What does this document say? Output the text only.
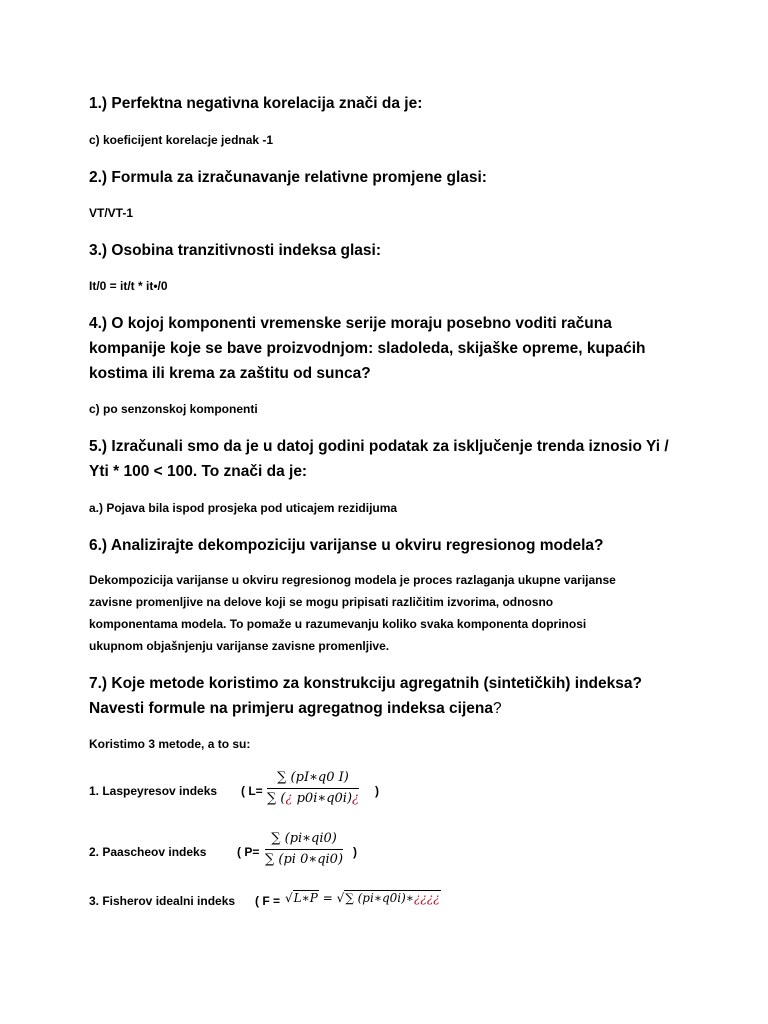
1.) Perfektna negativna korelacija znači da je:
c) koeficijent korelacje jednak -1
2.) Formula za izračunavanje relativne promjene glasi:
VT/VT-1
3.) Osobina tranzitivnosti indeksa glasi:
It/0 = it/t * it•/0
4.) O kojoj komponenti vremenske serije moraju posebno voditi računa
kompanije koje se bave proizvodnjom: sladoleda, skijaške opreme, kupaćih
kostima ili krema za zaštitu od sunca?
c) po senzonskoj komponenti
5.) Izračunali smo da je u datoj godini podatak za isključenje trenda iznosio Yi /
Yti * 100 < 100. To znači da je:
a.) Pojava bila ispod prosjeka pod uticajem rezidijuma
6.) Analizirajte dekompoziciju varijanse u okviru regresionog modela?
Dekompozicija varijanse u okviru regresionog modela je proces razlaganja ukupne varijanse
zavisne promenljive na delove koji se mogu pripisati različitim izvorima, odnosno
komponentama modela. To pomaže u razumevanju koliko svaka komponenta doprinosi
ukupnom objašnjenju varijanse zavisne promenljive.
7.) Koje metode koristimo za konstrukciju agregatnih (sintetičkih) indeksa?
Navesti formule na primjeru agregatnog indeksa cijena?
Koristimo 3 metode, a to su:
1. Laspeyresov indeks ( L=
∑ (pI∗q0 I)
∑ (¿ p0i∗q0i)¿ )
2. Paascheov indeks	( P=
∑ (pi∗qi0)
∑ (pi 0∗qi0) )
3. Fisherov idealni indeks ( F = √L∗P = √∑ (pi∗q0i)∗¿¿¿¿
